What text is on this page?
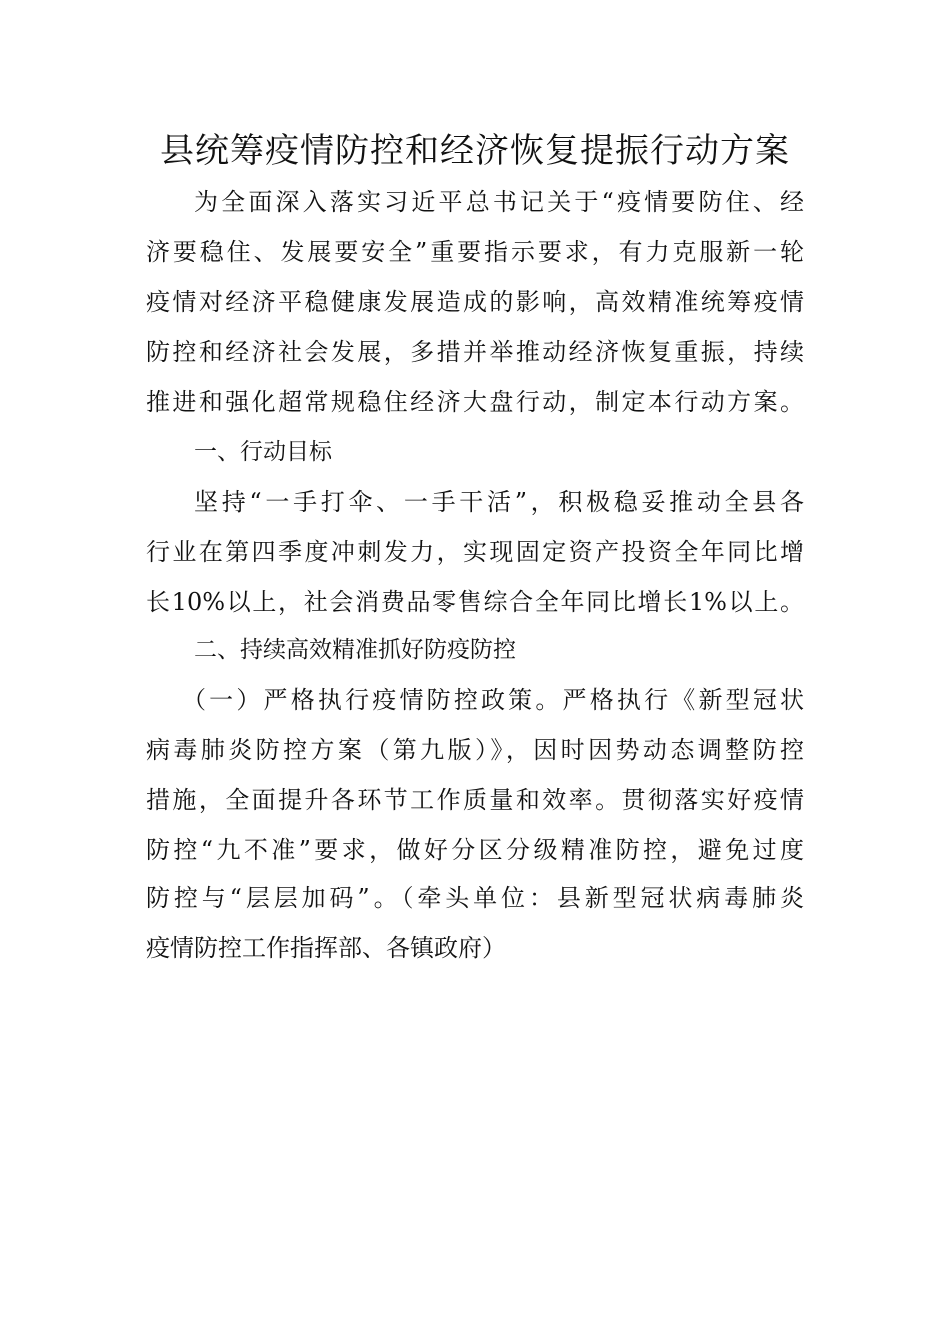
县统筹疫情防控和经济恢复提振行动方案
为全面深入落实习近平总书记关于“疫情要防住、经
济要稳住、发展要安全”重要指示要求，有力克服新一轮
疫情对经济平稳健康发展造成的影响，高效精准统筹疫情
防控和经济社会发展，多措并举推动经济恢复重振，持续
推进和强化超常规稳住经济大盘行动，制定本行动方案。
一、行动目标
坚持“一手打伞、一手干活”，积极稳妥推动全县各
行业在第四季度冲刺发力，实现固定资产投资全年同比增
长10%以上，社会消费品零售综合全年同比增长1%以上。
二、持续高效精准抓好防疫防控
（一）严格执行疫情防控政策。严格执行《新型冠状
病毒肺炎防控方案（第九版）》，因时因势动态调整防控
措施，全面提升各环节工作质量和效率。贯彻落实好疫情
防控“九不准”要求，做好分区分级精准防控，避免过度
防控与“层层加码”。（牵头单位：县新型冠状病毒肺炎
疫情防控工作指挥部、各镇政府）
